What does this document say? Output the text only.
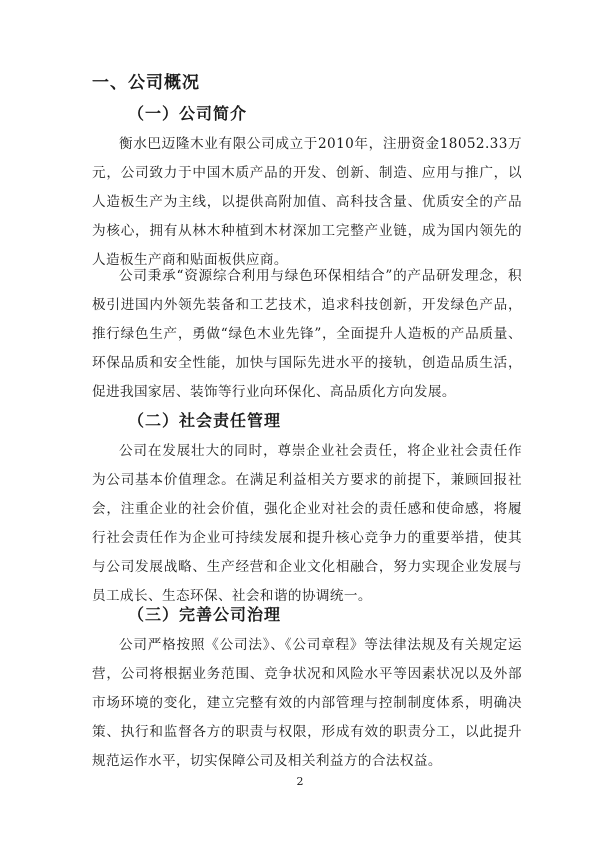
一、公司概况
（一）公司简介

衡水巴迈隆木业有限公司成立于2010年，注册资金18052.33万元，公司致力于中国木质产品的开发、创新、制造、应用与推广，以人造板生产为主线，以提供高附加值、高科技含量、优质安全的产品为核心，拥有从林木种植到木材深加工完整产业链，成为国内领先的人造板生产商和贴面板供应商。

公司秉承“资源综合利用与绿色环保相结合”的产品研发理念，积极引进国内外领先装备和工艺技术，追求科技创新，开发绿色产品，推行绿色生产，勇做“绿色木业先锋”，全面提升人造板的产品质量、环保品质和安全性能，加快与国际先进水平的接轨，创造品质生活，促进我国家居、装饰等行业向环保化、高品质化方向发展。

（二）社会责任管理

公司在发展壮大的同时，尊崇企业社会责任，将企业社会责任作为公司基本价值理念。在满足利益相关方要求的前提下，兼顾回报社会，注重企业的社会价值，强化企业对社会的责任感和使命感，将履行社会责任作为企业可持续发展和提升核心竞争力的重要举措，使其与公司发展战略、生产经营和企业文化相融合，努力实现企业发展与员工成长、生态环保、社会和谐的协调统一。

（三）完善公司治理

公司严格按照《公司法》、《公司章程》等法律法规及有关规定运营，公司将根据业务范围、竞争状况和风险水平等因素状况以及外部市场环境的变化，建立完整有效的内部管理与控制制度体系，明确决策、执行和监督各方的职责与权限，形成有效的职责分工，以此提升规范运作水平，切实保障公司及相关利益方的合法权益。

2
